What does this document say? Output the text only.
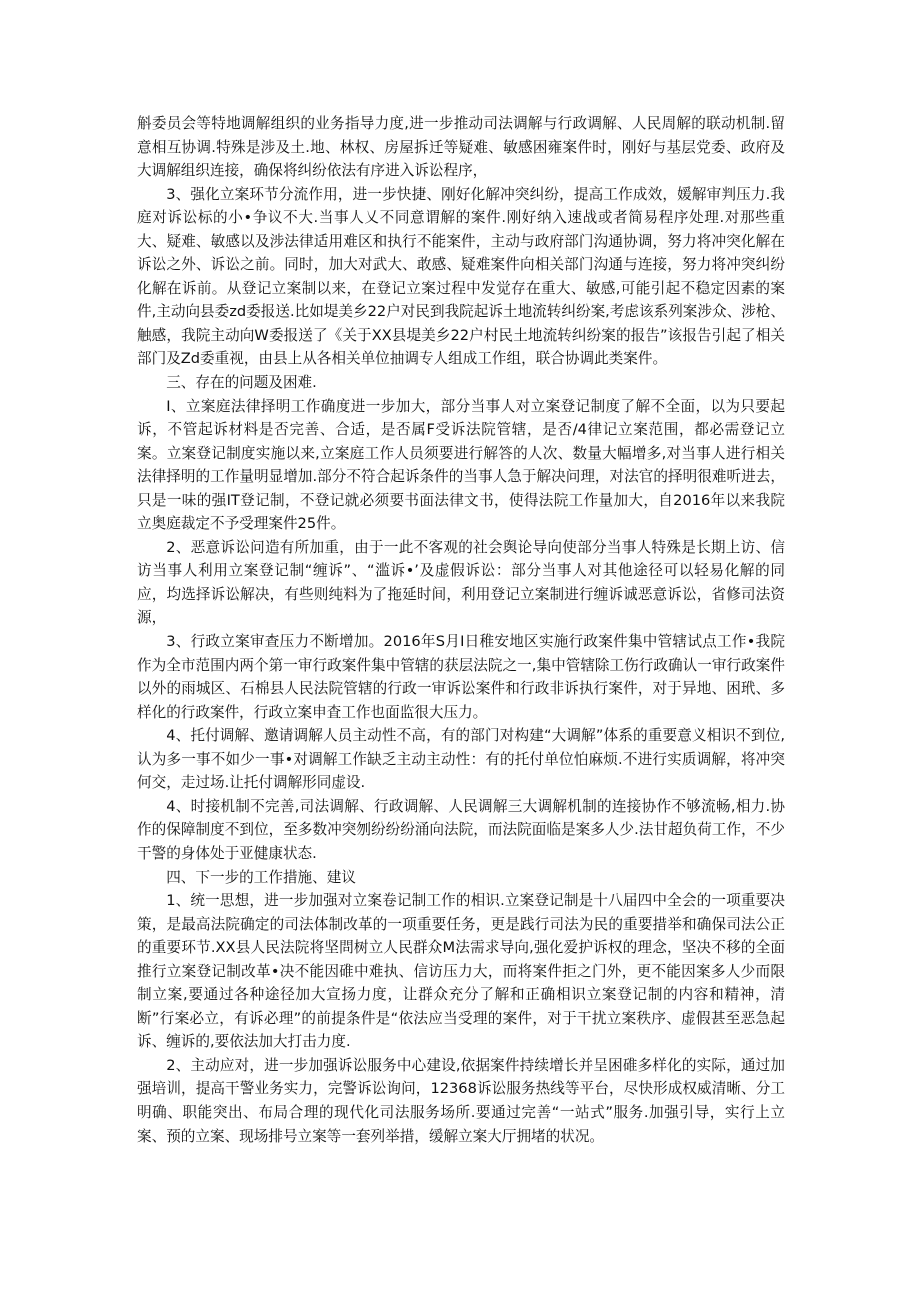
斛委员会等特地调解组织的业务指导力度,进一步推动司法调解与行政调解、人民周解的联动机制.留意相互协调.特殊是涉及土.地、林权、房屋拆迁等疑难、敏感困雍案件时，刚好与基层党委、政府及大调解组织连接，确保将纠纷依法有序进入诉讼程序，

3、强化立案环节分流作用，进一步快捷、刚好化解冲突纠纷，提高工作成效，媛解审判压力.我庭对诉讼标的小•争议不大.当事人乂不同意谓解的案件.刚好纳入速战或者简易程序处理.对那些重大、疑难、敏感以及涉法律适用难区和执行不能案件，主动与政府部门沟通协调，努力将冲突化解在诉讼之外、诉讼之前。同时，加大对武大、敢感、疑难案件向相关部门沟通与连接，努力将冲突纠纷化解在诉前。从登记立案制以来，在登记立案过程中发觉存在重大、敏感,可能引起不稳定因素的案件,主动向县委zd委报送.比如堤美乡22户对民到我院起诉土地流转纠纷案,考虑该系列案涉众、涉枪、触感，我院主动向W委报送了《关于XX县堤美乡22户村民土地流转纠纷案的报告”该报告引起了相关部门及Zd委重视，由县上从各相关单位抽调专人组成工作组，联合协调此类案件。

三、存在的问题及困难.

I、立案庭法律择明工作确度进一步加大，部分当事人对立案登记制度了解不全面，以为只要起诉，不管起诉材料是否完善、合适，是否属F受诉法院管辖，是否/4律记立案范围，都必需登记立案。立案登记制度实施以来,立案庭工作人员须要进行解答的人次、数量大幅增多,对当事人进行相关法律择明的工作量明显增加.部分不符合起诉条件的当事人急于解决问理，对法官的择明很难听进去，只是一味的强IT登记制，不登记就必须要书面法律文书，使得法院工作量加大，自2016年以来我院立奥庭裁定不予受理案件25件。

2、恶意诉讼问造有所加重，由于一此不客观的社会舆论导向使部分当事人特殊是长期上访、信访当事人利用立案登记制“缠诉”、“滥诉•’及虚假诉讼：部分当事人对其他途径可以轻易化解的同应，均选择诉讼解决，有些则纯料为了拖延时间，利用登记立案制进行缠诉诚恶意诉讼，省修司法资源，

3、行政立案审查压力不断增加。2016年S月I日稚安地区实施行政案件集中管辖试点工作•我院作为全市范围内两个第一审行政案件集中管辖的获层法院之一,集中管辖除工伤行政确认一审行政案件以外的雨城区、石棉县人民法院管辖的行政一审诉讼案件和行政非诉执行案件，对于异地、困玳、多样化的行政案件，行政立案申査工作也面监很大压力。

4、托付调解、邀请调解人员主动性不高，有的部门对构建“大调解”体系的重要意义相识不到位,认为多一事不如少一事•对调解工作缺乏主动主动性：有的托付单位怕麻烦.不进行实质调解，将冲突何交，走过场.让托付调解形同虚设.

4、时接机制不完善,司法调解、行政调解、人民调解三大调解机制的连接协作不够流畅,相力.协作的保障制度不到位，至多数冲突刎纷纷纷涌向法院，而法院面临是案多人少.法甘超负荷工作，不少干警的身体处于亚健康状态.

四、下一步的工作措施、建议

1、统一思想，进一步加强对立案卷记制工作的相识.立案登记制是十八届四中全会的一项重要决策，是最高法院确定的司法体制改革的一项重要任务，更是践行司法为民的重要措举和确保司法公正的重要环节.XX县人民法院将坚問树立人民群众M法需求导向,强化爱护诉权的理念，坚决不移的全面推行立案登记制改革•决不能因碓中难执、信访压力大，而将案件拒之门外，更不能因案多人少而限制立案,要通过各种途径加大宣扬力度，让群众充分了解和正确相识立案登记制的内容和精神，清断”行案必立，有诉必理”的前提条件是“依法应当受理的案件，对于干扰立案秩序、虚假甚至恶急起诉、缠诉的,要依法加大打击力度.

2、主动应对，进一步加强诉讼服务中心建设,依据案件持续增长并呈困碓多样化的实际，通过加强培训，提高干警业务实力，完警诉讼询问，12368诉讼服务热线等平台，尽快形成权威清晰、分工明确、职能突出、布局合理的现代化司法服务场所.要通过完善“一站式”服务.加强引导，实行上立案、预的立案、现场排号立案等一套列举措，缓解立案大厅拥堵的状况。
